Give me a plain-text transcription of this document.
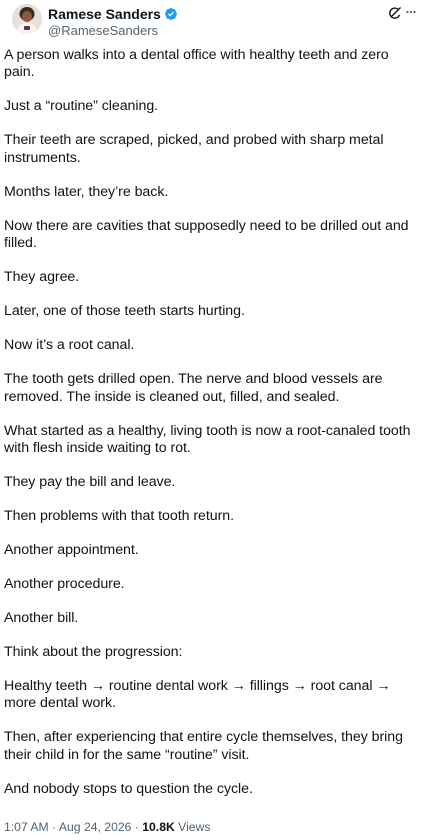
Ramese Sanders
@RameseSanders

A person walks into a dental office with healthy teeth and zero pain.

Just a “routine” cleaning.

Their teeth are scraped, picked, and probed with sharp metal instruments.

Months later, they’re back.

Now there are cavities that supposedly need to be drilled out and filled.

They agree.

Later, one of those teeth starts hurting.

Now it’s a root canal.

The tooth gets drilled open. The nerve and blood vessels are removed. The inside is cleaned out, filled, and sealed.

What started as a healthy, living tooth is now a root-canaled tooth with flesh inside waiting to rot.

They pay the bill and leave.

Then problems with that tooth return.

Another appointment.

Another procedure.

Another bill.

Think about the progression:

Healthy teeth → routine dental work → fillings → root canal → more dental work.

Then, after experiencing that entire cycle themselves, they bring their child in for the same “routine” visit.

And nobody stops to question the cycle.

1:07 AM · Aug 24, 2026 · 10.8K Views
